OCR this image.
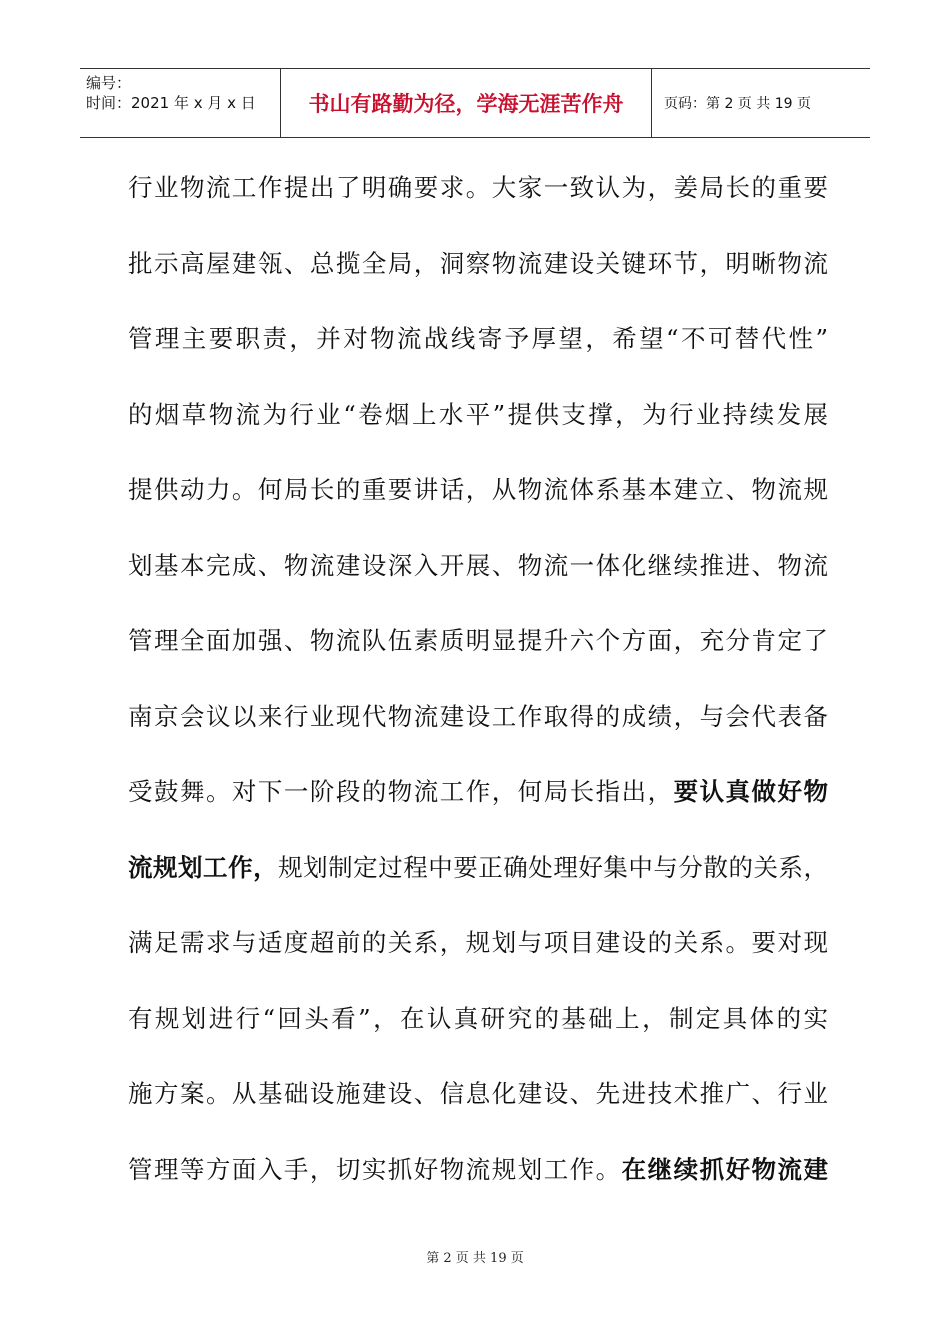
编号：
时间：2021 年 x 月 x 日	书山有路勤为径，学海无涯苦作舟	页码：第 2 页 共 19 页
行业物流工作提出了明确要求。大家一致认为，姜局长的重要
批示高屋建瓴、总揽全局，洞察物流建设关键环节，明晰物流
管理主要职责，并对物流战线寄予厚望，希望“不可替代性”
的烟草物流为行业“卷烟上水平”提供支撑，为行业持续发展
提供动力。何局长的重要讲话，从物流体系基本建立、物流规
划基本完成、物流建设深入开展、物流一体化继续推进、物流
管理全面加强、物流队伍素质明显提升六个方面，充分肯定了
南京会议以来行业现代物流建设工作取得的成绩，与会代表备
受鼓舞。对下一阶段的物流工作，何局长指出，要认真做好物
流规划工作，规划制定过程中要正确处理好集中与分散的关系，
满足需求与适度超前的关系，规划与项目建设的关系。要对现
有规划进行“回头看”，在认真研究的基础上，制定具体的实
施方案。从基础设施建设、信息化建设、先进技术推广、行业
管理等方面入手，切实抓好物流规划工作。在继续抓好物流建
第 2 页 共 19 页
